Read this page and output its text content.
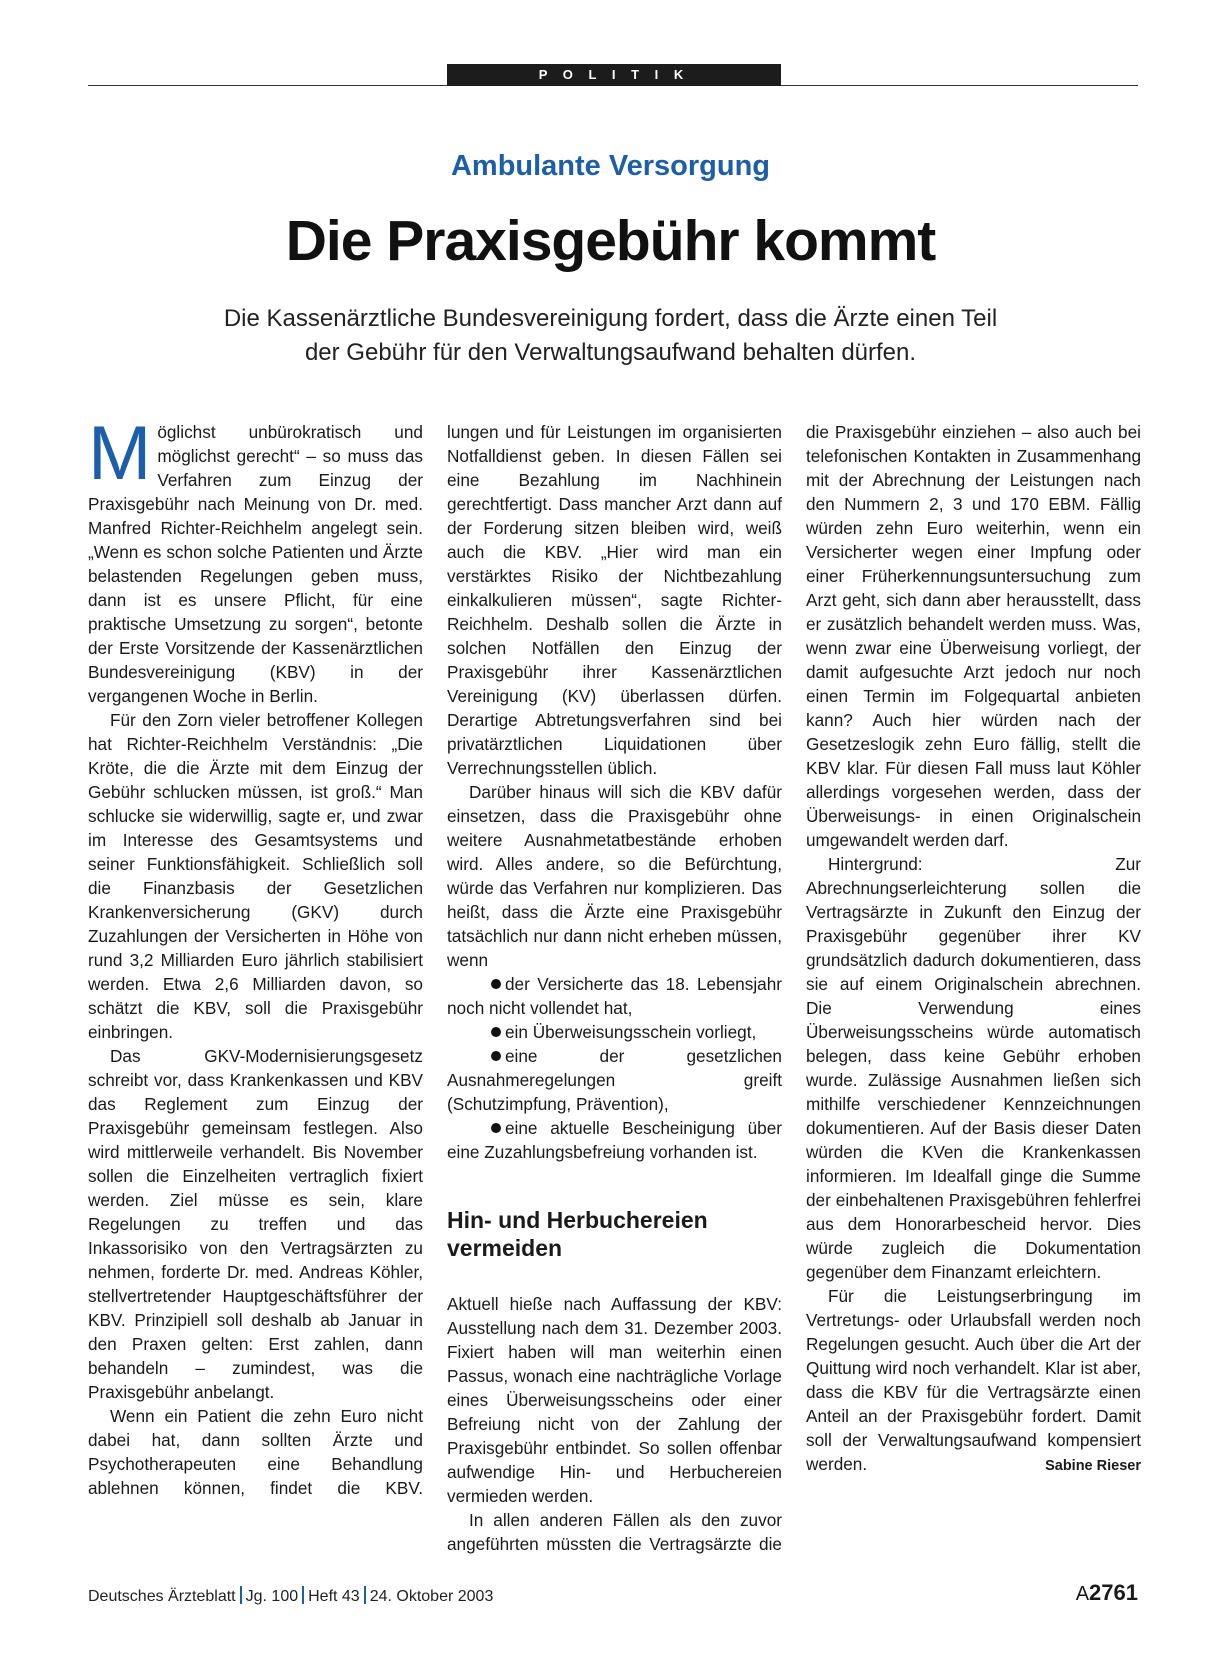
P O L I T I K
Ambulante Versorgung
Die Praxisgebühr kommt
Die Kassenärztliche Bundesvereinigung fordert, dass die Ärzte einen Teil
der Gebühr für den Verwaltungsaufwand behalten dürfen.

Möglichst unbürokratisch und möglichst gerecht“ – so muss das Verfahren zum Einzug der Praxisgebühr nach Meinung von Dr. med. Manfred Richter-Reichhelm angelegt sein. „Wenn es schon solche Patienten und Ärzte belastenden Regelungen geben muss, dann ist es unsere Pflicht, für eine praktische Umsetzung zu sorgen“, betonte der Erste Vorsitzende der Kassenärztlichen Bundesvereinigung (KBV) in der vergangenen Woche in Berlin.

Für den Zorn vieler betroffener Kollegen hat Richter-Reichhelm Verständnis: „Die Kröte, die die Ärzte mit dem Einzug der Gebühr schlucken müssen, ist groß.“ Man schlucke sie widerwillig, sagte er, und zwar im Interesse des Gesamtsystems und seiner Funktionsfähigkeit. Schließlich soll die Finanzbasis der Gesetzlichen Krankenversicherung (GKV) durch Zuzahlungen der Versicherten in Höhe von rund 3,2 Milliarden Euro jährlich stabilisiert werden. Etwa 2,6 Milliarden davon, so schätzt die KBV, soll die Praxisgebühr einbringen.

Das GKV-Modernisierungsgesetz schreibt vor, dass Krankenkassen und KBV das Reglement zum Einzug der Praxisgebühr gemeinsam festlegen. Also wird mittlerweile verhandelt. Bis November sollen die Einzelheiten vertraglich fixiert werden. Ziel müsse es sein, klare Regelungen zu treffen und das Inkassorisiko von den Vertragsärzten zu nehmen, forderte Dr. med. Andreas Köhler, stellvertretender Hauptgeschäftsführer der KBV. Prinzipiell soll deshalb ab Januar in den Praxen gelten: Erst zahlen, dann behandeln – zumindest, was die Praxisgebühr anbelangt.

Wenn ein Patient die zehn Euro nicht dabei hat, dann sollten Ärzte und Psychotherapeuten eine Behandlung ablehnen können, findet die KBV.

lungen und für Leistungen im organisierten Notfalldienst geben. In diesen Fällen sei eine Bezahlung im Nachhinein gerechtfertigt. Dass mancher Arzt dann auf der Forderung sitzen bleiben wird, weiß auch die KBV. „Hier wird man ein verstärktes Risiko der Nichtbezahlung einkalkulieren müssen“, sagte Richter-Reichhelm. Deshalb sollen die Ärzte in solchen Notfällen den Einzug der Praxisgebühr ihrer Kassenärztlichen Vereinigung (KV) überlassen dürfen. Derartige Abtretungsverfahren sind bei privatärztlichen Liquidationen über Verrechnungsstellen üblich.

Darüber hinaus will sich die KBV dafür einsetzen, dass die Praxisgebühr ohne weitere Ausnahmetatbestände erhoben wird. Alles andere, so die Befürchtung, würde das Verfahren nur komplizieren. Das heißt, dass die Ärzte eine Praxisgebühr tatsächlich nur dann nicht erheben müssen, wenn

der Versicherte das 18. Lebensjahr noch nicht vollendet hat,

ein Überweisungsschein vorliegt,

eine der gesetzlichen Ausnahmeregelungen greift (Schutzimpfung, Prävention),

eine aktuelle Bescheinigung über eine Zuzahlungsbefreiung vorhanden ist.

Hin- und Herbuchereien vermeiden

Aktuell hieße nach Auffassung der KBV: Ausstellung nach dem 31. Dezember 2003. Fixiert haben will man weiterhin einen Passus, wonach eine nachträgliche Vorlage eines Überweisungsscheins oder einer Befreiung nicht von der Zahlung der Praxisgebühr entbindet. So sollen offenbar aufwendige Hin- und Herbuchereien vermieden werden.

In allen anderen Fällen als den zuvor angeführten müssten die Vertragsärzte die

die Praxisgebühr einziehen – also auch bei telefonischen Kontakten in Zusammenhang mit der Abrechnung der Leistungen nach den Nummern 2, 3 und 170 EBM. Fällig würden zehn Euro weiterhin, wenn ein Versicherter wegen einer Impfung oder einer Früherkennungsuntersuchung zum Arzt geht, sich dann aber herausstellt, dass er zusätzlich behandelt werden muss. Was, wenn zwar eine Überweisung vorliegt, der damit aufgesuchte Arzt jedoch nur noch einen Termin im Folgequartal anbieten kann? Auch hier würden nach der Gesetzeslogik zehn Euro fällig, stellt die KBV klar. Für diesen Fall muss laut Köhler allerdings vorgesehen werden, dass der Überweisungs- in einen Originalschein umgewandelt werden darf.

Hintergrund: Zur Abrechnungserleichterung sollen die Vertragsärzte in Zukunft den Einzug der Praxisgebühr gegenüber ihrer KV grundsätzlich dadurch dokumentieren, dass sie auf einem Originalschein abrechnen. Die Verwendung eines Überweisungsscheins würde automatisch belegen, dass keine Gebühr erhoben wurde. Zulässige Ausnahmen ließen sich mithilfe verschiedener Kennzeichnungen dokumentieren. Auf der Basis dieser Daten würden die KVen die Krankenkassen informieren. Im Idealfall ginge die Summe der einbehaltenen Praxisgebühren fehlerfrei aus dem Honorarbescheid hervor. Dies würde zugleich die Dokumentation gegenüber dem Finanzamt erleichtern.

Für die Leistungserbringung im Vertretungs- oder Urlaubsfall werden noch Regelungen gesucht. Auch über die Art der Quittung wird noch verhandelt. Klar ist aber, dass die KBV für die Vertragsärzte einen Anteil an der Praxisgebühr fordert. Damit soll der Verwaltungsaufwand kompensiert werden.	Sabine Rieser

Deutsches Ärzteblatt Jg. 100 Heft 43 24. Oktober 2003	A2761
